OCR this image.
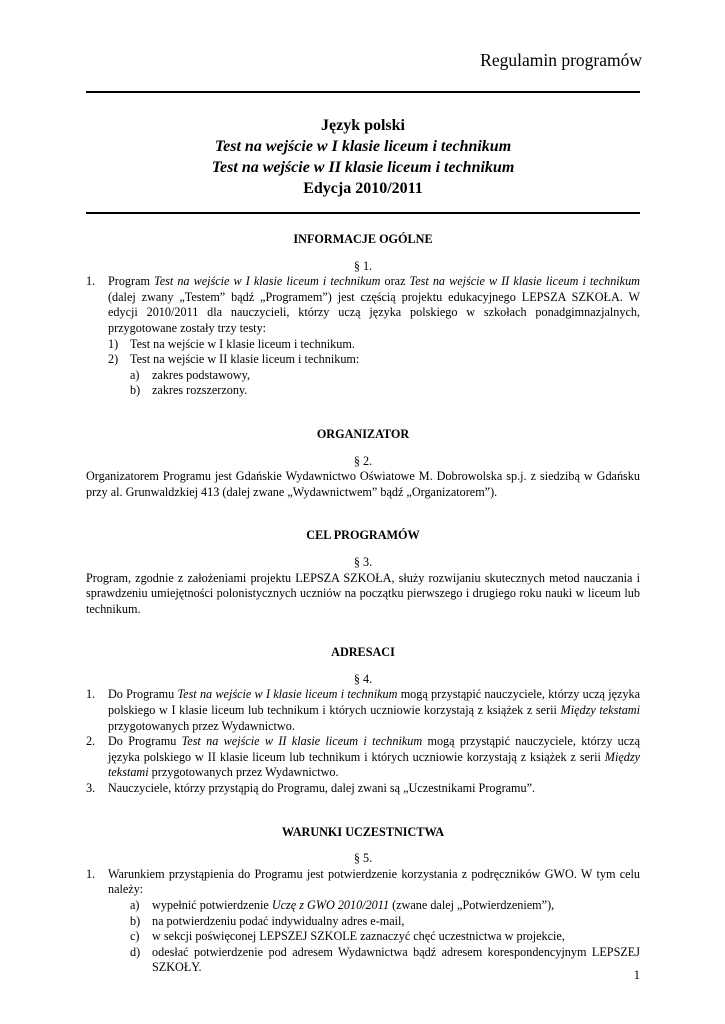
Regulamin programów
Język polski
Test na wejście w I klasie liceum i technikum
Test na wejście w II klasie liceum i technikum
Edycja 2010/2011
INFORMACJE OGÓLNE
§ 1.
1. Program Test na wejście w I klasie liceum i technikum oraz Test na wejście w II klasie liceum i technikum (dalej zwany „Testem” bądź „Programem”) jest częścią projektu edukacyjnego LEPSZA SZKOŁA. W edycji 2010/2011 dla nauczycieli, którzy uczą języka polskiego w szkołach ponadgimnazjalnych, przygotowane zostały trzy testy:
1) Test na wejście w I klasie liceum i technikum.
2) Test na wejście w II klasie liceum i technikum:
a) zakres podstawowy,
b) zakres rozszerzony.
ORGANIZATOR
§ 2.
Organizatorem Programu jest Gdańskie Wydawnictwo Oświatowe M. Dobrowolska sp.j. z siedzibą w Gdańsku przy al. Grunwaldzkiej 413 (dalej zwane „Wydawnictwem” bądź „Organizatorem”).
CEL PROGRAMÓW
§ 3.
Program, zgodnie z założeniami projektu LEPSZA SZKOŁA, służy rozwijaniu skutecznych metod nauczania i sprawdzeniu umiejętności polonistycznych uczniów na początku pierwszego i drugiego roku nauki w liceum lub technikum.
ADRESACI
§ 4.
1. Do Programu Test na wejście w I klasie liceum i technikum mogą przystąpić nauczyciele, którzy uczą języka polskiego w I klasie liceum lub technikum i których uczniowie korzystają z książek z serii Między tekstami przygotowanych przez Wydawnictwo.
2. Do Programu Test na wejście w II klasie liceum i technikum mogą przystąpić nauczyciele, którzy uczą języka polskiego w II klasie liceum lub technikum i których uczniowie korzystają z książek z serii Między tekstami przygotowanych przez Wydawnictwo.
3. Nauczyciele, którzy przystąpią do Programu, dalej zwani są „Uczestnikami Programu”.
WARUNKI UCZESTNICTWA
§ 5.
1. Warunkiem przystąpienia do Programu jest potwierdzenie korzystania z podręczników GWO. W tym celu należy:
a) wypełnić potwierdzenie Uczę z GWO 2010/2011 (zwane dalej „Potwierdzeniem”),
b) na potwierdzeniu podać indywidualny adres e-mail,
c) w sekcji poświęconej LEPSZEJ SZKOLE zaznaczyć chęć uczestnictwa w projekcie,
d) odesłać potwierdzenie pod adresem Wydawnictwa bądź adresem korespondencyjnym LEPSZEJ SZKOŁY.
1
